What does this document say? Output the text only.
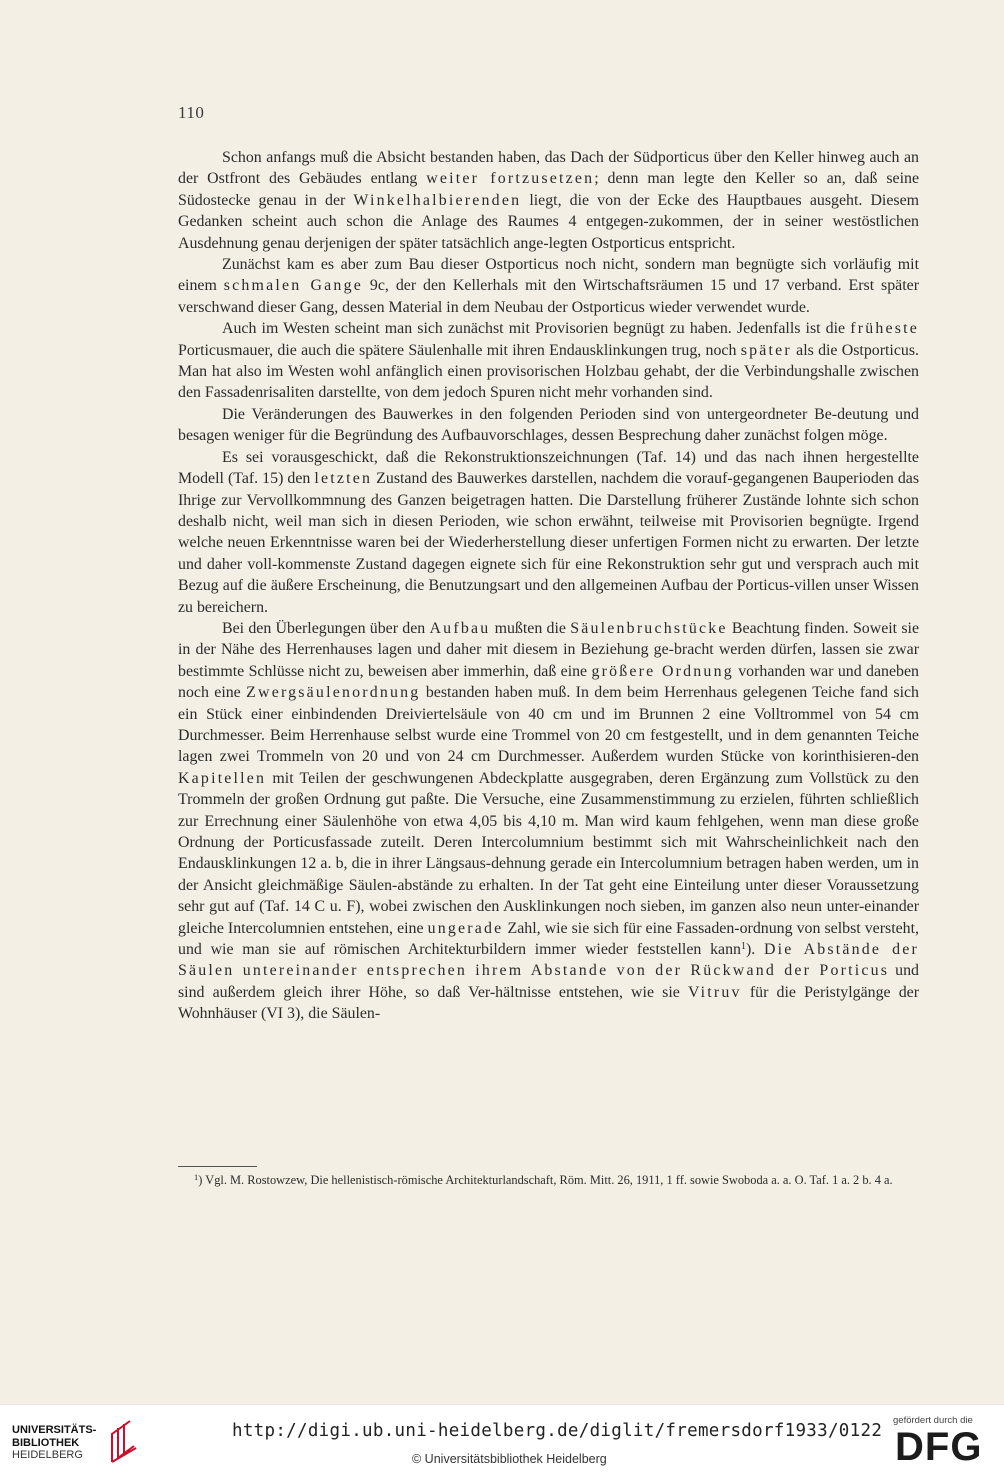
110

Schon anfangs muß die Absicht bestanden haben, das Dach der Südporticus über den Keller hinweg auch an der Ostfront des Gebäudes entlang weiter fortzusetzen; denn man legte den Keller so an, daß seine Südostecke genau in der Winkelhalbierenden liegt, die von der Ecke des Hauptbaues ausgeht. Diesem Gedanken scheint auch schon die Anlage des Raumes 4 entgegen-zukommen, der in seiner westöstlichen Ausdehnung genau derjenigen der später tatsächlich ange-legten Ostporticus entspricht.

Zunächst kam es aber zum Bau dieser Ostporticus noch nicht, sondern man begnügte sich vorläufig mit einem schmalen Gange 9c, der den Kellerhals mit den Wirtschaftsräumen 15 und 17 verband. Erst später verschwand dieser Gang, dessen Material in dem Neubau der Ostporticus wieder verwendet wurde.

Auch im Westen scheint man sich zunächst mit Provisorien begnügt zu haben. Jedenfalls ist die früheste Porticusmauer, die auch die spätere Säulenhalle mit ihren Endausklinkungen trug, noch später als die Ostporticus. Man hat also im Westen wohl anfänglich einen provisorischen Holzbau gehabt, der die Verbindungshalle zwischen den Fassadenrisaliten darstellte, von dem jedoch Spuren nicht mehr vorhanden sind.

Die Veränderungen des Bauwerkes in den folgenden Perioden sind von untergeordneter Be-deutung und besagen weniger für die Begründung des Aufbauvorschlages, dessen Besprechung daher zunächst folgen möge.

Es sei vorausgeschickt, daß die Rekonstruktionszeichnungen (Taf. 14) und das nach ihnen hergestellte Modell (Taf. 15) den letzten Zustand des Bauwerkes darstellen, nachdem die vorauf-gegangenen Bauperioden das Ihrige zur Vervollkommnung des Ganzen beigetragen hatten. Die Darstellung früherer Zustände lohnte sich schon deshalb nicht, weil man sich in diesen Perioden, wie schon erwähnt, teilweise mit Provisorien begnügte. Irgend welche neuen Erkenntnisse waren bei der Wiederherstellung dieser unfertigen Formen nicht zu erwarten. Der letzte und daher voll-kommenste Zustand dagegen eignete sich für eine Rekonstruktion sehr gut und versprach auch mit Bezug auf die äußere Erscheinung, die Benutzungsart und den allgemeinen Aufbau der Porticus-villen unser Wissen zu bereichern.

Bei den Überlegungen über den Aufbau mußten die Säulenbruchstücke Beachtung finden. Soweit sie in der Nähe des Herrenhauses lagen und daher mit diesem in Beziehung ge-bracht werden dürfen, lassen sie zwar bestimmte Schlüsse nicht zu, beweisen aber immerhin, daß eine größere Ordnung vorhanden war und daneben noch eine Zwergsäulenordnung bestanden haben muß. In dem beim Herrenhaus gelegenen Teiche fand sich ein Stück einer einbindenden Dreiviertelsäule von 40 cm und im Brunnen 2 eine Volltrommel von 54 cm Durchmesser. Beim Herrenhause selbst wurde eine Trommel von 20 cm festgestellt, und in dem genannten Teiche lagen zwei Trommeln von 20 und von 24 cm Durchmesser. Außerdem wurden Stücke von korinthisieren-den Kapitellen mit Teilen der geschwungenen Abdeckplatte ausgegraben, deren Ergänzung zum Vollstück zu den Trommeln der großen Ordnung gut paßte. Die Versuche, eine Zusammenstimmung zu erzielen, führten schließlich zur Errechnung einer Säulenhöhe von etwa 4,05 bis 4,10 m. Man wird kaum fehlgehen, wenn man diese große Ordnung der Porticusfassade zuteilt. Deren Intercolumnium bestimmt sich mit Wahrscheinlichkeit nach den Endausklinkungen 12 a. b, die in ihrer Längsaus-dehnung gerade ein Intercolumnium betragen haben werden, um in der Ansicht gleichmäßige Säulen-abstände zu erhalten. In der Tat geht eine Einteilung unter dieser Voraussetzung sehr gut auf (Taf. 14 C u. F), wobei zwischen den Ausklinkungen noch sieben, im ganzen also neun unter-einander gleiche Intercolumnien entstehen, eine ungerade Zahl, wie sie sich für eine Fassaden-ordnung von selbst versteht, und wie man sie auf römischen Architekturbildern immer wieder feststellen kann$^1$). Die Abstände der Säulen untereinander entsprechen ihrem Abstande von der Rückwand der Porticus und sind außerdem gleich ihrer Höhe, so daß Ver-hältnisse entstehen, wie sie Vitruv für die Peristylgänge der Wohnhäuser (VI 3), die Säulen-

$^1$) Vgl. M. Rostowzew, Die hellenistisch-römische Architekturlandschaft, Röm. Mitt. 26, 1911, 1 ff. sowie Swoboda a. a. O. Taf. 1 a. 2 b. 4 a.

UNIVERSITÄTS-
BIBLIOTHEK
HEIDELBERG
http://digi.ub.uni-heidelberg.de/diglit/fremersdorf1933/0122
© Universitätsbibliothek Heidelberg
gefördert durch die
DFG
